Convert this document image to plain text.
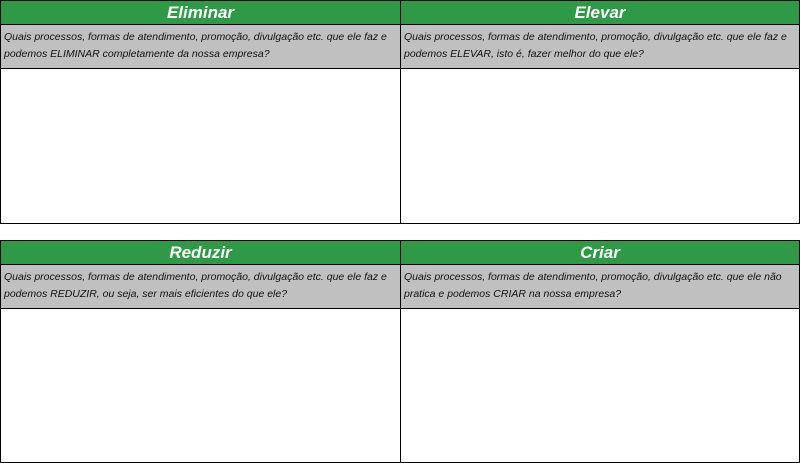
Eliminar
Quais processos, formas de atendimento, promoção, divulgação etc. que ele faz e podemos ELIMINAR completamente da nossa empresa?
Elevar
Quais processos, formas de atendimento, promoção, divulgação etc. que ele faz e podemos ELEVAR, isto é, fazer melhor do que ele?
Reduzir
Quais processos, formas de atendimento, promoção, divulgação etc. que ele faz e podemos REDUZIR, ou seja, ser mais eficientes do que ele?
Criar
Quais processos, formas de atendimento, promoção, divulgação etc. que ele não pratica e podemos CRIAR na nossa empresa?
